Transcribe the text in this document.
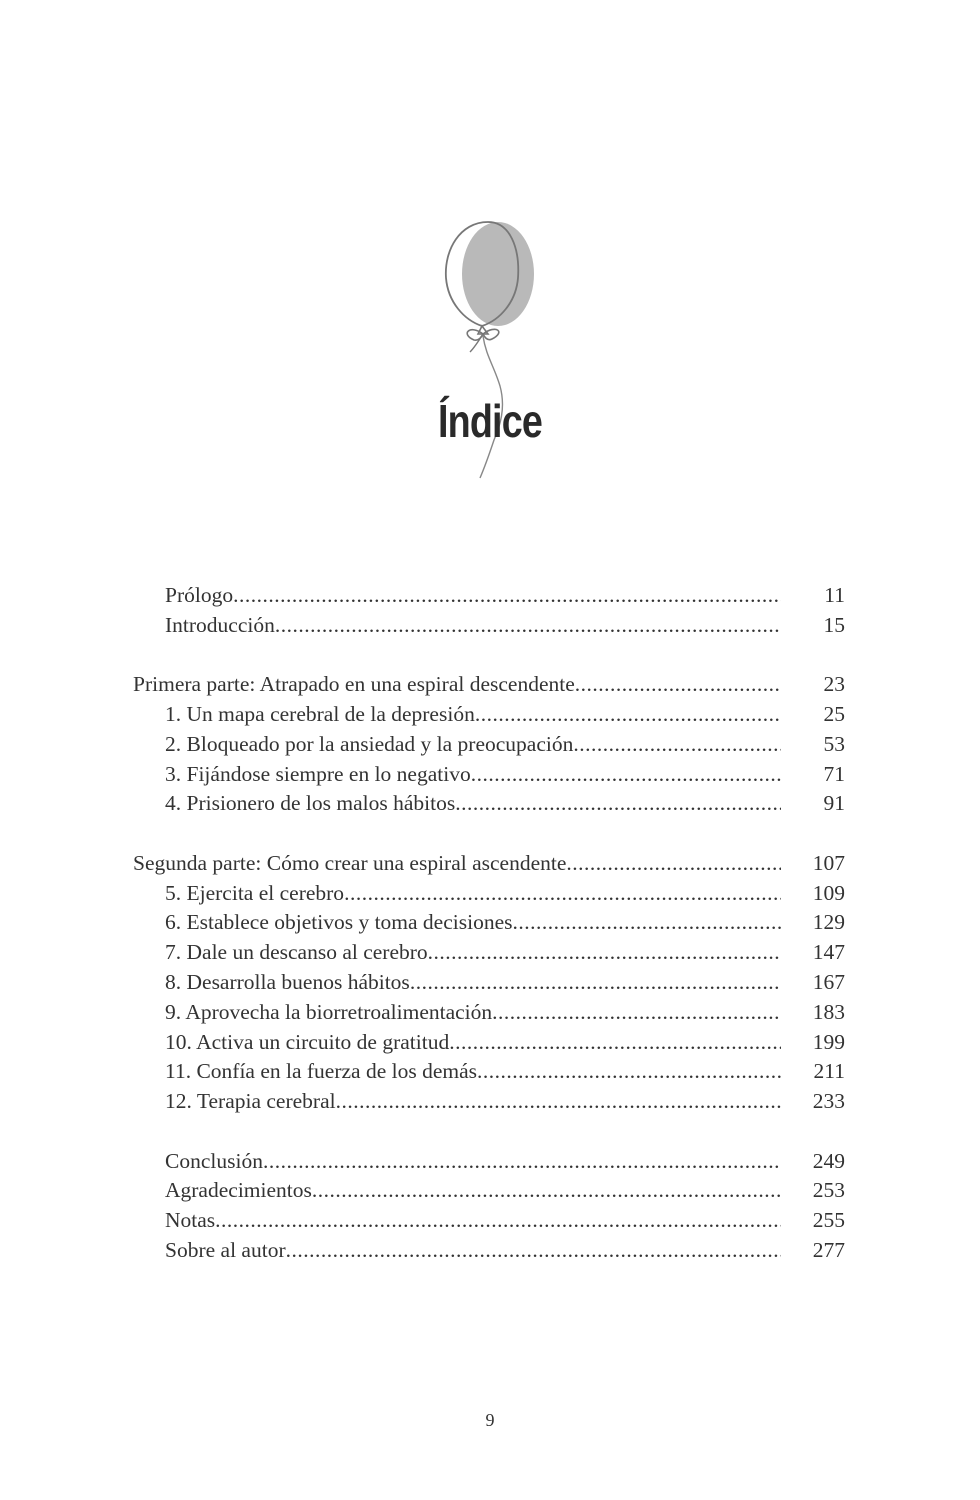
Índice
Prólogo .....	11
Introducción .....	15
Primera parte: Atrapado en una espiral descendente .....	23
1. Un mapa cerebral de la depresión .....	25
2. Bloqueado por la ansiedad y la preocupación .....	53
3. Fijándose siempre en lo negativo .....	71
4. Prisionero de los malos hábitos .....	91
Segunda parte: Cómo crear una espiral ascendente .....	107
5. Ejercita el cerebro .....	109
6. Establece objetivos y toma decisiones .....	129
7. Dale un descanso al cerebro .....	147
8. Desarrolla buenos hábitos .....	167
9. Aprovecha la biorretroalimentación .....	183
10. Activa un circuito de gratitud .....	199
11. Confía en la fuerza de los demás .....	211
12. Terapia cerebral .....	233
Conclusión .....	249
Agradecimientos .....	253
Notas .....	255
Sobre al autor .....	277
9
